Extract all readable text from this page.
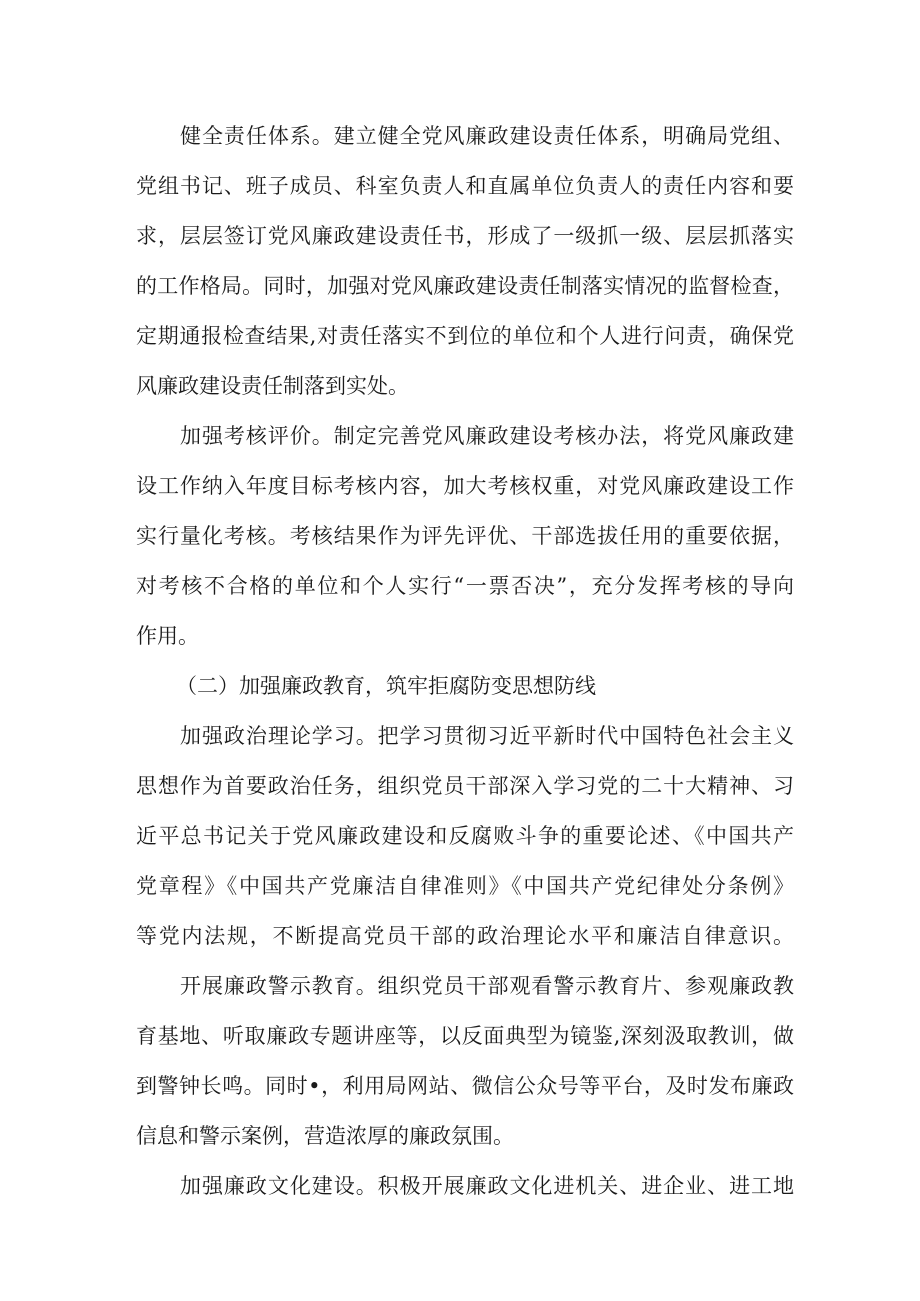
健全责任体系。建立健全党风廉政建设责任体系，明确局党组、
党组书记、班子成员、科室负责人和直属单位负责人的责任内容和要
求，层层签订党风廉政建设责任书，形成了一级抓一级、层层抓落实
的工作格局。同时，加强对党风廉政建设责任制落实情况的监督检查，
定期通报检查结果,对责任落实不到位的单位和个人进行问责，确保党
风廉政建设责任制落到实处。
加强考核评价。制定完善党风廉政建设考核办法，将党风廉政建
设工作纳入年度目标考核内容，加大考核权重，对党风廉政建设工作
实行量化考核。考核结果作为评先评优、干部选拔任用的重要依据，
对考核不合格的单位和个人实行“一票否决”，充分发挥考核的导向
作用。
（二）加强廉政教育，筑牢拒腐防变思想防线
加强政治理论学习。把学习贯彻习近平新时代中国特色社会主义
思想作为首要政治任务，组织党员干部深入学习党的二十大精神、习
近平总书记关于党风廉政建设和反腐败斗争的重要论述、《中国共产
党章程》《中国共产党廉洁自律准则》《中国共产党纪律处分条例》
等党内法规，不断提高党员干部的政治理论水平和廉洁自律意识。
开展廉政警示教育。组织党员干部观看警示教育片、参观廉政教
育基地、听取廉政专题讲座等，以反面典型为镜鉴,深刻汲取教训，做
到警钟长鸣。同时•，利用局网站、微信公众号等平台，及时发布廉政
信息和警示案例，营造浓厚的廉政氛围。
加强廉政文化建设。积极开展廉政文化进机关、进企业、进工地
